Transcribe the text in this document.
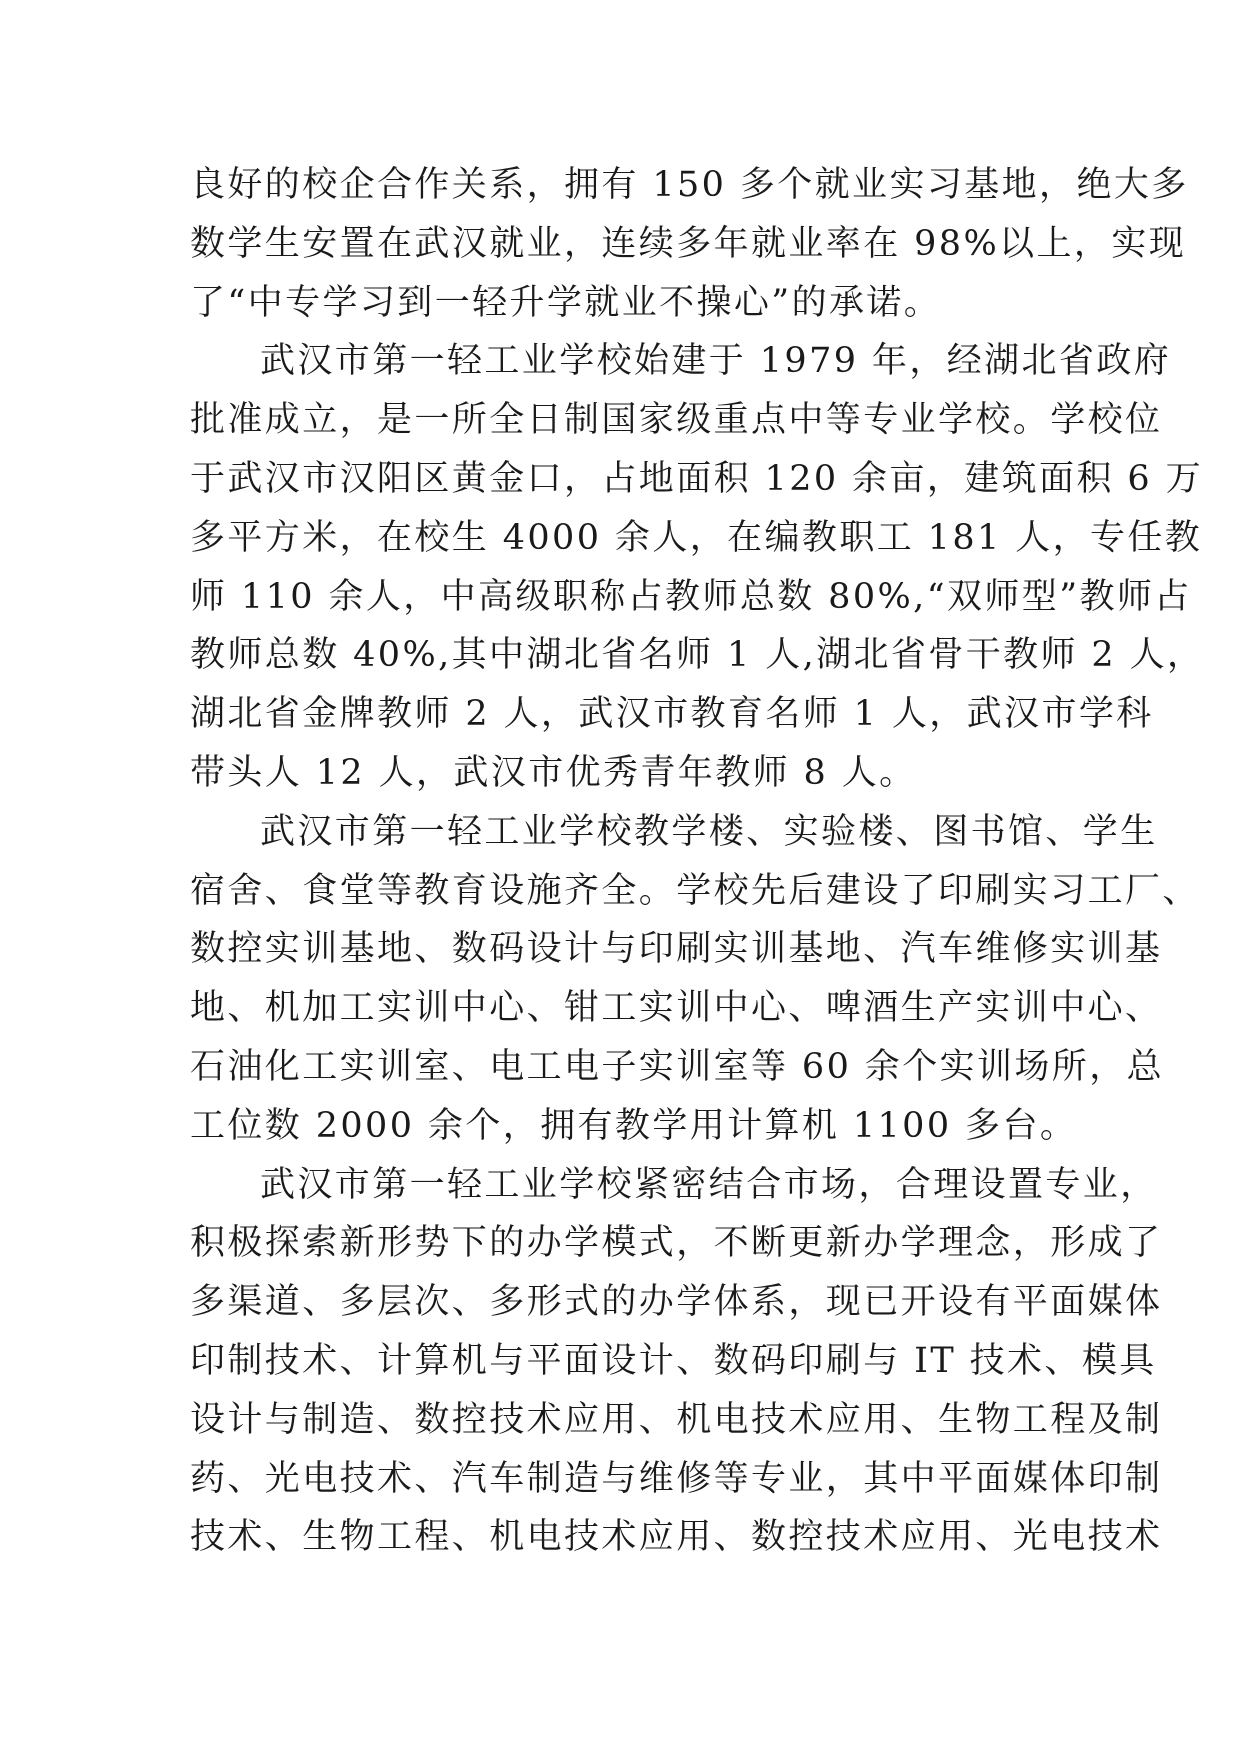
良好的校企合作关系，拥有 150 多个就业实习基地，绝大多
数学生安置在武汉就业，连续多年就业率在 98%以上，实现
了“中专学习到一轻升学就业不操心”的承诺。
武汉市第一轻工业学校始建于 1979 年，经湖北省政府
批准成立，是一所全日制国家级重点中等专业学校。学校位
于武汉市汉阳区黄金口，占地面积 120 余亩，建筑面积 6 万
多平方米，在校生 4000 余人，在编教职工 181 人，专任教
师 110 余人，中高级职称占教师总数 80%,“双师型”教师占
教师总数 40%,其中湖北省名师 1 人,湖北省骨干教师 2 人，
湖北省金牌教师 2 人，武汉市教育名师 1 人，武汉市学科
带头人 12 人，武汉市优秀青年教师 8 人。
武汉市第一轻工业学校教学楼、实验楼、图书馆、学生
宿舍、食堂等教育设施齐全。学校先后建设了印刷实习工厂、
数控实训基地、数码设计与印刷实训基地、汽车维修实训基
地、机加工实训中心、钳工实训中心、啤酒生产实训中心、
石油化工实训室、电工电子实训室等 60 余个实训场所，总
工位数 2000 余个，拥有教学用计算机 1100 多台。
武汉市第一轻工业学校紧密结合市场，合理设置专业，
积极探索新形势下的办学模式，不断更新办学理念，形成了
多渠道、多层次、多形式的办学体系，现已开设有平面媒体
印制技术、计算机与平面设计、数码印刷与 IT 技术、模具
设计与制造、数控技术应用、机电技术应用、生物工程及制
药、光电技术、汽车制造与维修等专业，其中平面媒体印制
技术、生物工程、机电技术应用、数控技术应用、光电技术
